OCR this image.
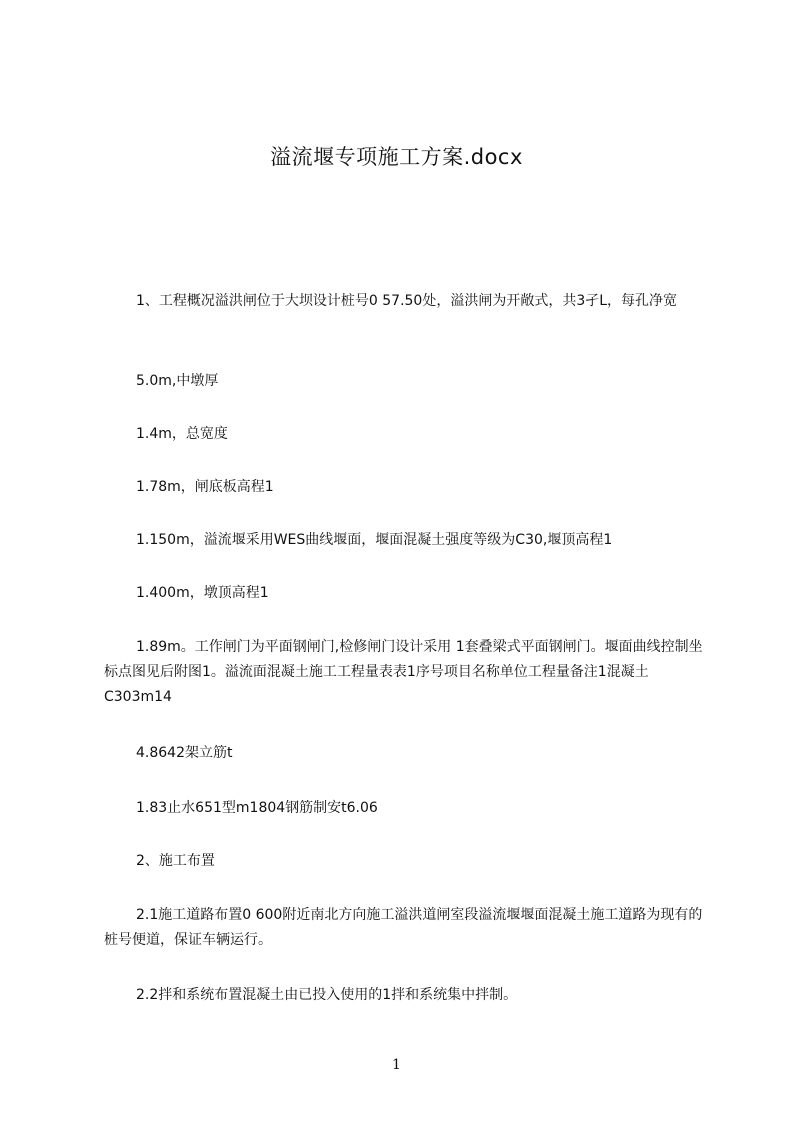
溢流堰专项施工方案.docx

1、工程概况溢洪闸位于大坝设计桩号0 57.50处，溢洪闸为开敞式，共3孑L，每孔净宽

5.0m,中墩厚

1.4m，总宽度

1.78m，闸底板高程1

1.150m，溢流堰采用WES曲线堰面，堰面混凝土强度等级为C30,堰顶高程1

1.400m，墩顶高程1

1.89m。工作闸门为平面钢闸门,检修闸门设计采用 1套叠梁式平面钢闸门。堰面曲线控制坐标点图见后附图1。溢流面混凝土施工工程量表表1序号项目名称单位工程量备注1混凝土C303m14

4.8642架立筋t

1.83止水651型m1804钢筋制安t6.06

2、施工布置

2.1施工道路布置0 600附近南北方向施工溢洪道闸室段溢流堰堰面混凝土施工道路为现有的桩号便道，保证车辆运行。

2.2拌和系统布置混凝土由已投入使用的1拌和系统集中拌制。

1
